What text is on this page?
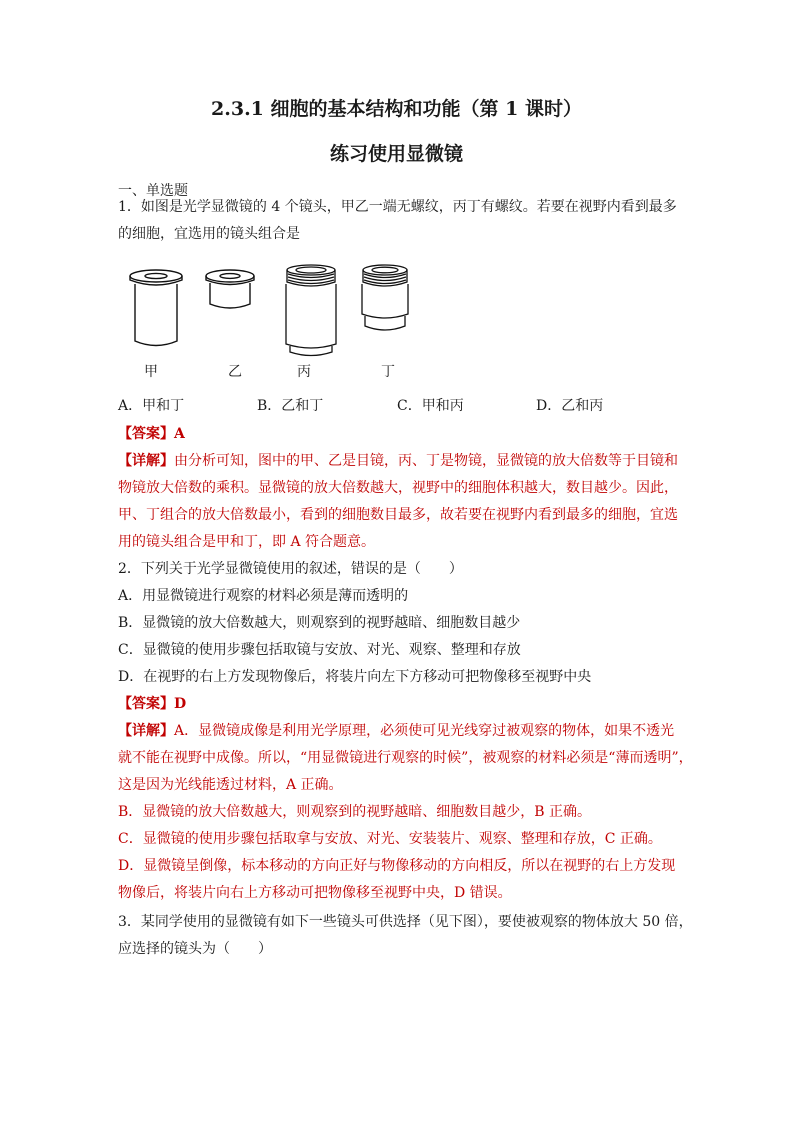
2.3.1 细胞的基本结构和功能（第 1 课时）

练习使用显微镜

一、单选题

1．如图是光学显微镜的 4 个镜头，甲乙一端无螺纹，丙丁有螺纹。若要在视野内看到最多

的细胞，宜选用的镜头组合是

甲	乙	丙	丁
A．甲和丁	B．乙和丁	C．甲和丙	D．乙和丙

【答案】A

【详解】由分析可知，图中的甲、乙是目镜，丙、丁是物镜，显微镜的放大倍数等于目镜和

物镜放大倍数的乘积。显微镜的放大倍数越大，视野中的细胞体积越大，数目越少。因此，

甲、丁组合的放大倍数最小，看到的细胞数目最多，故若要在视野内看到最多的细胞，宜选

用的镜头组合是甲和丁，即 A 符合题意。

2．下列关于光学显微镜使用的叙述，错误的是（　　）

A．用显微镜进行观察的材料必须是薄而透明的

B．显微镜的放大倍数越大，则观察到的视野越暗、细胞数目越少

C．显微镜的使用步骤包括取镜与安放、对光、观察、整理和存放

D．在视野的右上方发现物像后，将装片向左下方移动可把物像移至视野中央

【答案】D

【详解】A．显微镜成像是利用光学原理，必须使可见光线穿过被观察的物体，如果不透光

就不能在视野中成像。所以，“用显微镜进行观察的时候”，被观察的材料必须是“薄而透明”，

这是因为光线能透过材料，A 正确。

B．显微镜的放大倍数越大，则观察到的视野越暗、细胞数目越少，B 正确。

C．显微镜的使用步骤包括取拿与安放、对光、安装装片、观察、整理和存放，C 正确。

D．显微镜呈倒像，标本移动的方向正好与物像移动的方向相反，所以在视野的右上方发现

物像后，将装片向右上方移动可把物像移至视野中央，D 错误。

3．某同学使用的显微镜有如下一些镜头可供选择（见下图），要使被观察的物体放大 50 倍，

应选择的镜头为（　　）
